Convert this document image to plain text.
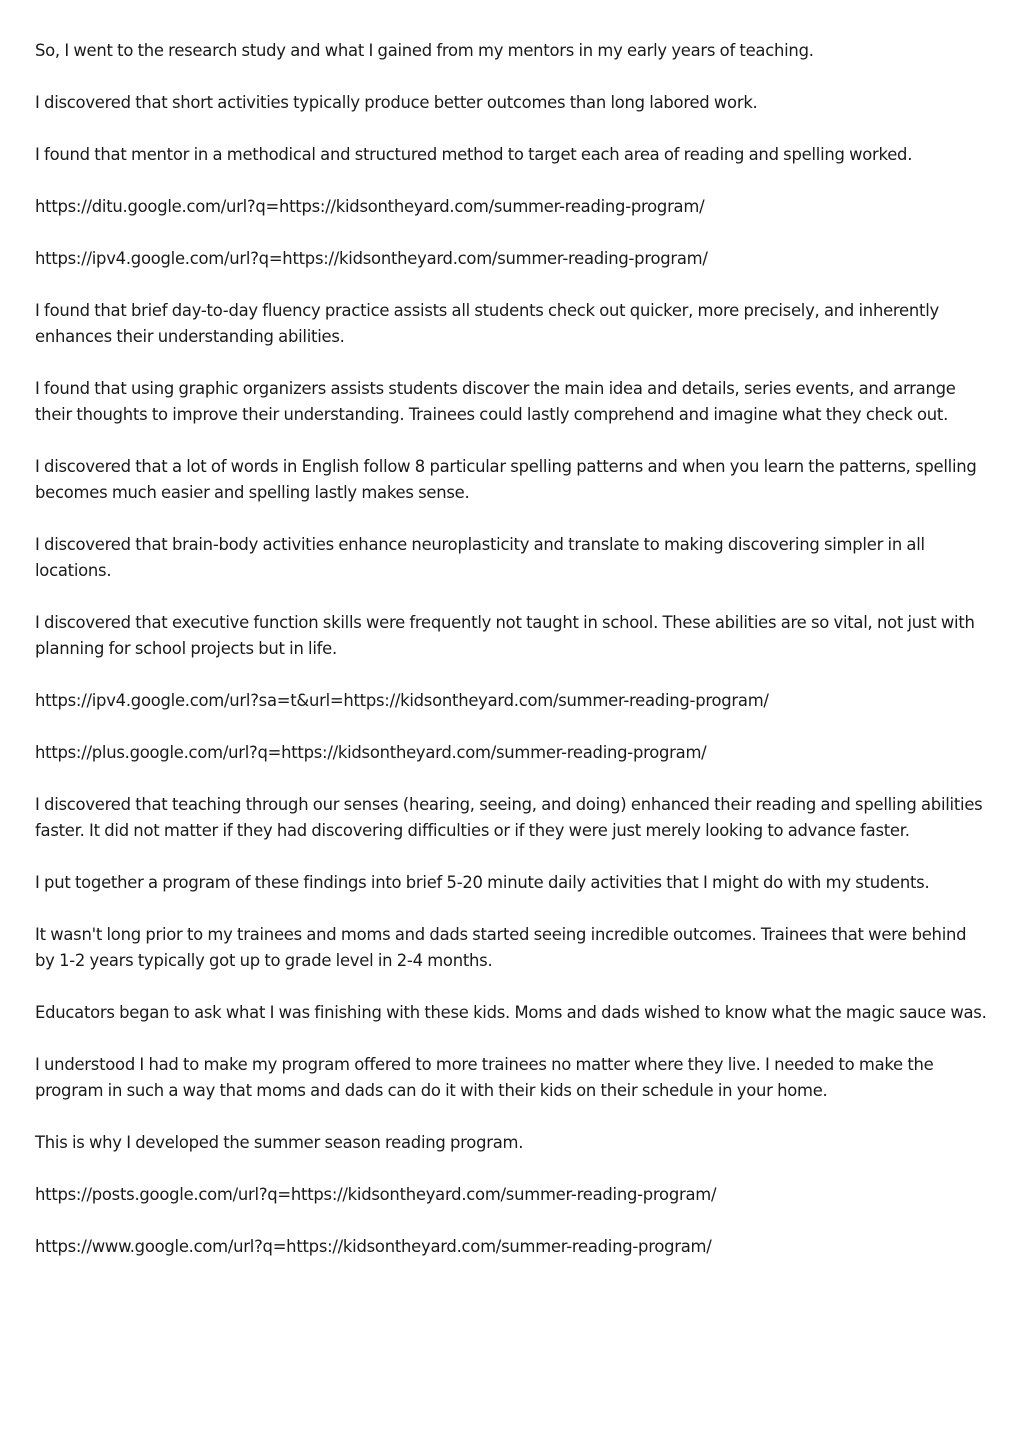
So, I went to the research study and what I gained from my mentors in my early years of teaching.

I discovered that short activities typically produce better outcomes than long labored work.

I found that mentor in a methodical and structured method to target each area of reading and spelling worked.

https://ditu.google.com/url?q=https://kidsontheyard.com/summer-reading-program/

https://ipv4.google.com/url?q=https://kidsontheyard.com/summer-reading-program/

I found that brief day-to-day fluency practice assists all students check out quicker, more precisely, and inherently enhances their understanding abilities.

I found that using graphic organizers assists students discover the main idea and details, series events, and arrange their thoughts to improve their understanding. Trainees could lastly comprehend and imagine what they check out.

I discovered that a lot of words in English follow 8 particular spelling patterns and when you learn the patterns, spelling becomes much easier and spelling lastly makes sense.

I discovered that brain-body activities enhance neuroplasticity and translate to making discovering simpler in all locations.

I discovered that executive function skills were frequently not taught in school. These abilities are so vital, not just with planning for school projects but in life.

https://ipv4.google.com/url?sa=t&url=https://kidsontheyard.com/summer-reading-program/

https://plus.google.com/url?q=https://kidsontheyard.com/summer-reading-program/

I discovered that teaching through our senses (hearing, seeing, and doing) enhanced their reading and spelling abilities faster. It did not matter if they had discovering difficulties or if they were just merely looking to advance faster.

I put together a program of these findings into brief 5-20 minute daily activities that I might do with my students.

It wasn't long prior to my trainees and moms and dads started seeing incredible outcomes. Trainees that were behind by 1-2 years typically got up to grade level in 2-4 months.

Educators began to ask what I was finishing with these kids. Moms and dads wished to know what the magic sauce was.

I understood I had to make my program offered to more trainees no matter where they live. I needed to make the program in such a way that moms and dads can do it with their kids on their schedule in your home.

This is why I developed the summer season reading program.

https://posts.google.com/url?q=https://kidsontheyard.com/summer-reading-program/

https://www.google.com/url?q=https://kidsontheyard.com/summer-reading-program/
